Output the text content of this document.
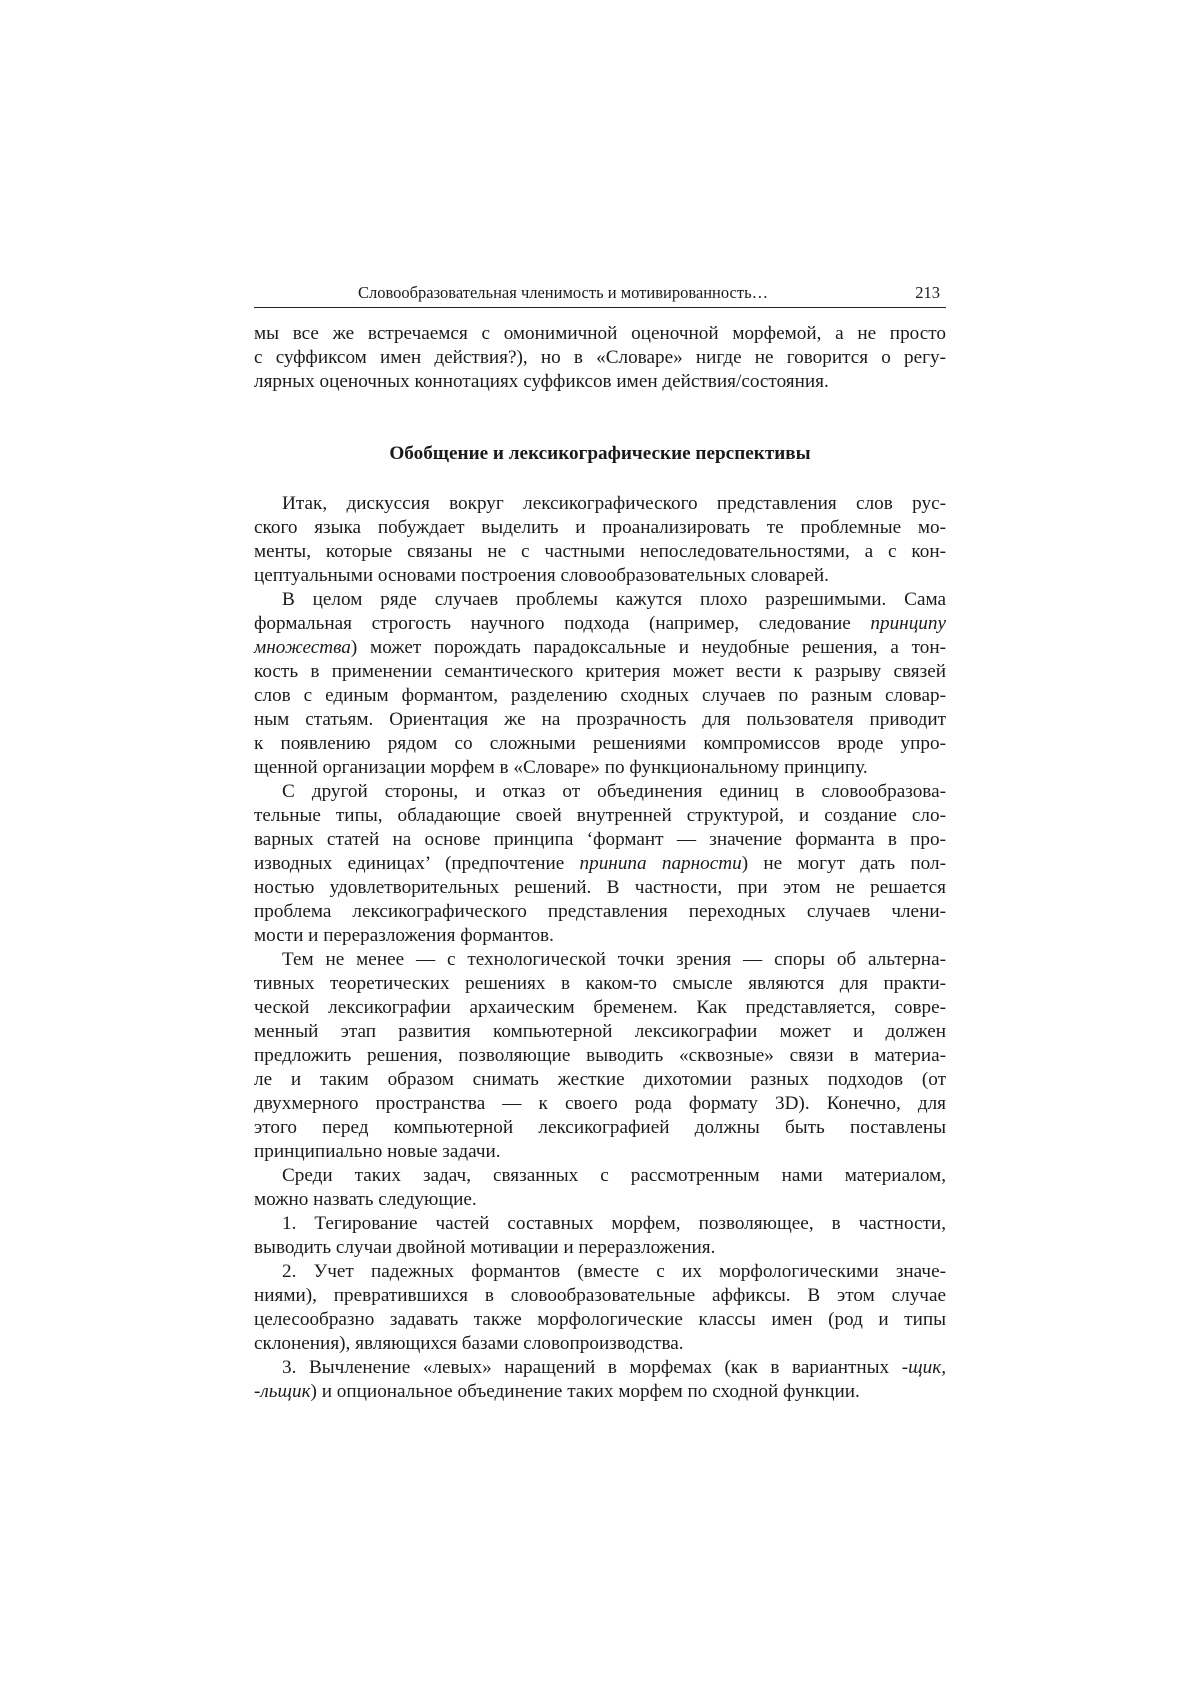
Словообразовательная членимость и мотивированность…	213

мы все же встречаемся с омонимичной оценочной морфемой, а не просто
с суффиксом имен действия?), но в «Словаре» нигде не говорится о регу-
лярных оценочных коннотациях суффиксов имен действия/состояния.

Обобщение и лексикографические перспективы

Итак, дискуссия вокруг лексикографического представления слов рус-
ского языка побуждает выделить и проанализировать те проблемные мо-
менты, которые связаны не с частными непоследовательностями, а с кон-
цептуальными основами построения словообразовательных словарей.

В целом ряде случаев проблемы кажутся плохо разрешимыми. Сама
формальная строгость научного подхода (например, следование принципу
множества) может порождать парадоксальные и неудобные решения, а тон-
кость в применении семантического критерия может вести к разрыву связей
слов с единым формантом, разделению сходных случаев по разным словар-
ным статьям. Ориентация же на прозрачность для пользователя приводит
к появлению рядом со сложными решениями компромиссов вроде упро-
щенной организации морфем в «Словаре» по функциональному принципу.

С другой стороны, и отказ от объединения единиц в словообразова-
тельные типы, обладающие своей внутренней структурой, и создание сло-
варных статей на основе принципа ‘формант — значение форманта в про-
изводных единицах’ (предпочтение принипа парности) не могут дать пол-
ностью удовлетворительных решений. В частности, при этом не решается
проблема лексикографического представления переходных случаев члени-
мости и переразложения формантов.

Тем не менее — с технологической точки зрения — споры об альтерна-
тивных теоретических решениях в каком-то смысле являются для практи-
ческой лексикографии архаическим бременем. Как представляется, совре-
менный этап развития компьютерной лексикографии может и должен
предложить решения, позволяющие выводить «сквозные» связи в материа-
ле и таким образом снимать жесткие дихотомии разных подходов (от
двухмерного пространства — к своего рода формату 3D). Конечно, для
этого перед компьютерной лексикографией должны быть поставлены
принципиально новые задачи.

Среди таких задач, связанных с рассмотренным нами материалом,
можно назвать следующие.

1. Тегирование частей составных морфем, позволяющее, в частности,
выводить случаи двойной мотивации и переразложения.

2. Учет падежных формантов (вместе с их морфологическими значе-
ниями), превратившихся в словообразовательные аффиксы. В этом случае
целесообразно задавать также морфологические классы имен (род и типы
склонения), являющихся базами словопроизводства.

3. Вычленение «левых» наращений в морфемах (как в вариантных -щик,
-льщик) и опциональное объединение таких морфем по сходной функции.
